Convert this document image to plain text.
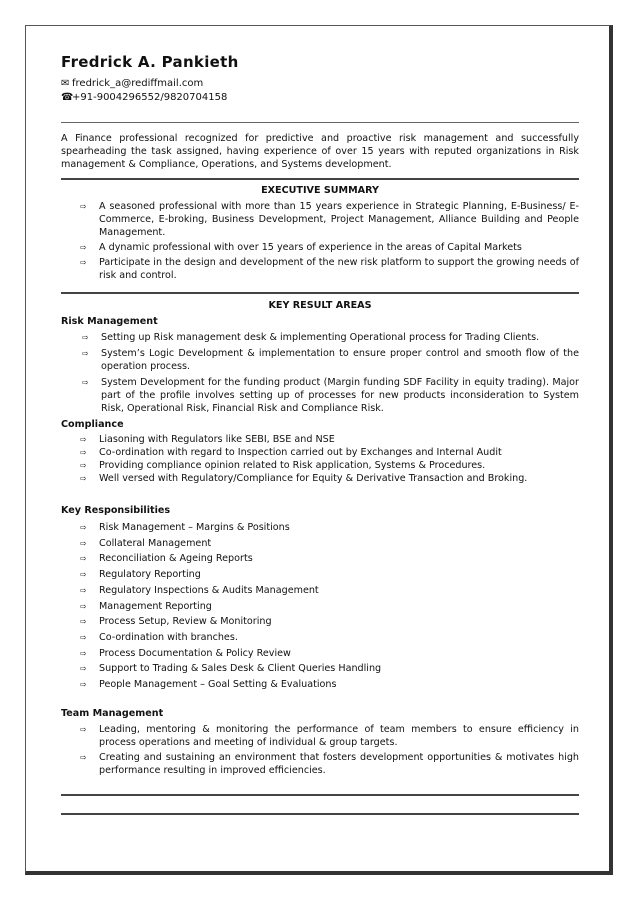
Fredrick A. Pankieth
✉ fredrick_a@rediffmail.com
☎+91-9004296552/9820704158

A Finance professional recognized for predictive and proactive risk management and successfully spearheading the task assigned, having experience of over 15 years with reputed organizations in Risk management & Compliance, Operations, and Systems development.

EXECUTIVE SUMMARY
⇨ A seasoned professional with more than 15 years experience in Strategic Planning, E-Business/ E-Commerce, E-broking, Business Development, Project Management, Alliance Building and People Management.
⇨ A dynamic professional with over 15 years of experience in the areas of Capital Markets
⇨ Participate in the design and development of the new risk platform to support the growing needs of risk and control.
KEY RESULT AREAS

Risk Management

⇨ Setting up Risk management desk & implementing Operational process for Trading Clients.
⇨ System’s Logic Development & implementation to ensure proper control and smooth flow of the operation process.
⇨ System Development for the funding product (Margin funding SDF Facility in equity trading). Major part of the profile involves setting up of processes for new products inconsideration to System Risk, Operational Risk, Financial Risk and Compliance Risk.

Compliance

⇨ Liasoning with Regulators like SEBI, BSE and NSE
⇨ Co-ordination with regard to Inspection carried out by Exchanges and Internal Audit
⇨ Providing compliance opinion related to Risk application, Systems & Procedures.
⇨ Well versed with Regulatory/Compliance for Equity & Derivative Transaction and Broking.

Key Responsibilities

⇨ Risk Management – Margins & Positions
⇨ Collateral Management
⇨ Reconciliation & Ageing Reports
⇨ Regulatory Reporting
⇨ Regulatory Inspections & Audits Management
⇨ Management Reporting
⇨ Process Setup, Review & Monitoring
⇨ Co-ordination with branches.
⇨ Process Documentation & Policy Review
⇨ Support to Trading & Sales Desk & Client Queries Handling
⇨ People Management – Goal Setting & Evaluations

Team Management

⇨ Leading, mentoring & monitoring the performance of team members to ensure efficiency in process operations and meeting of individual & group targets.
⇨ Creating and sustaining an environment that fosters development opportunities & motivates high performance resulting in improved efficiencies.
